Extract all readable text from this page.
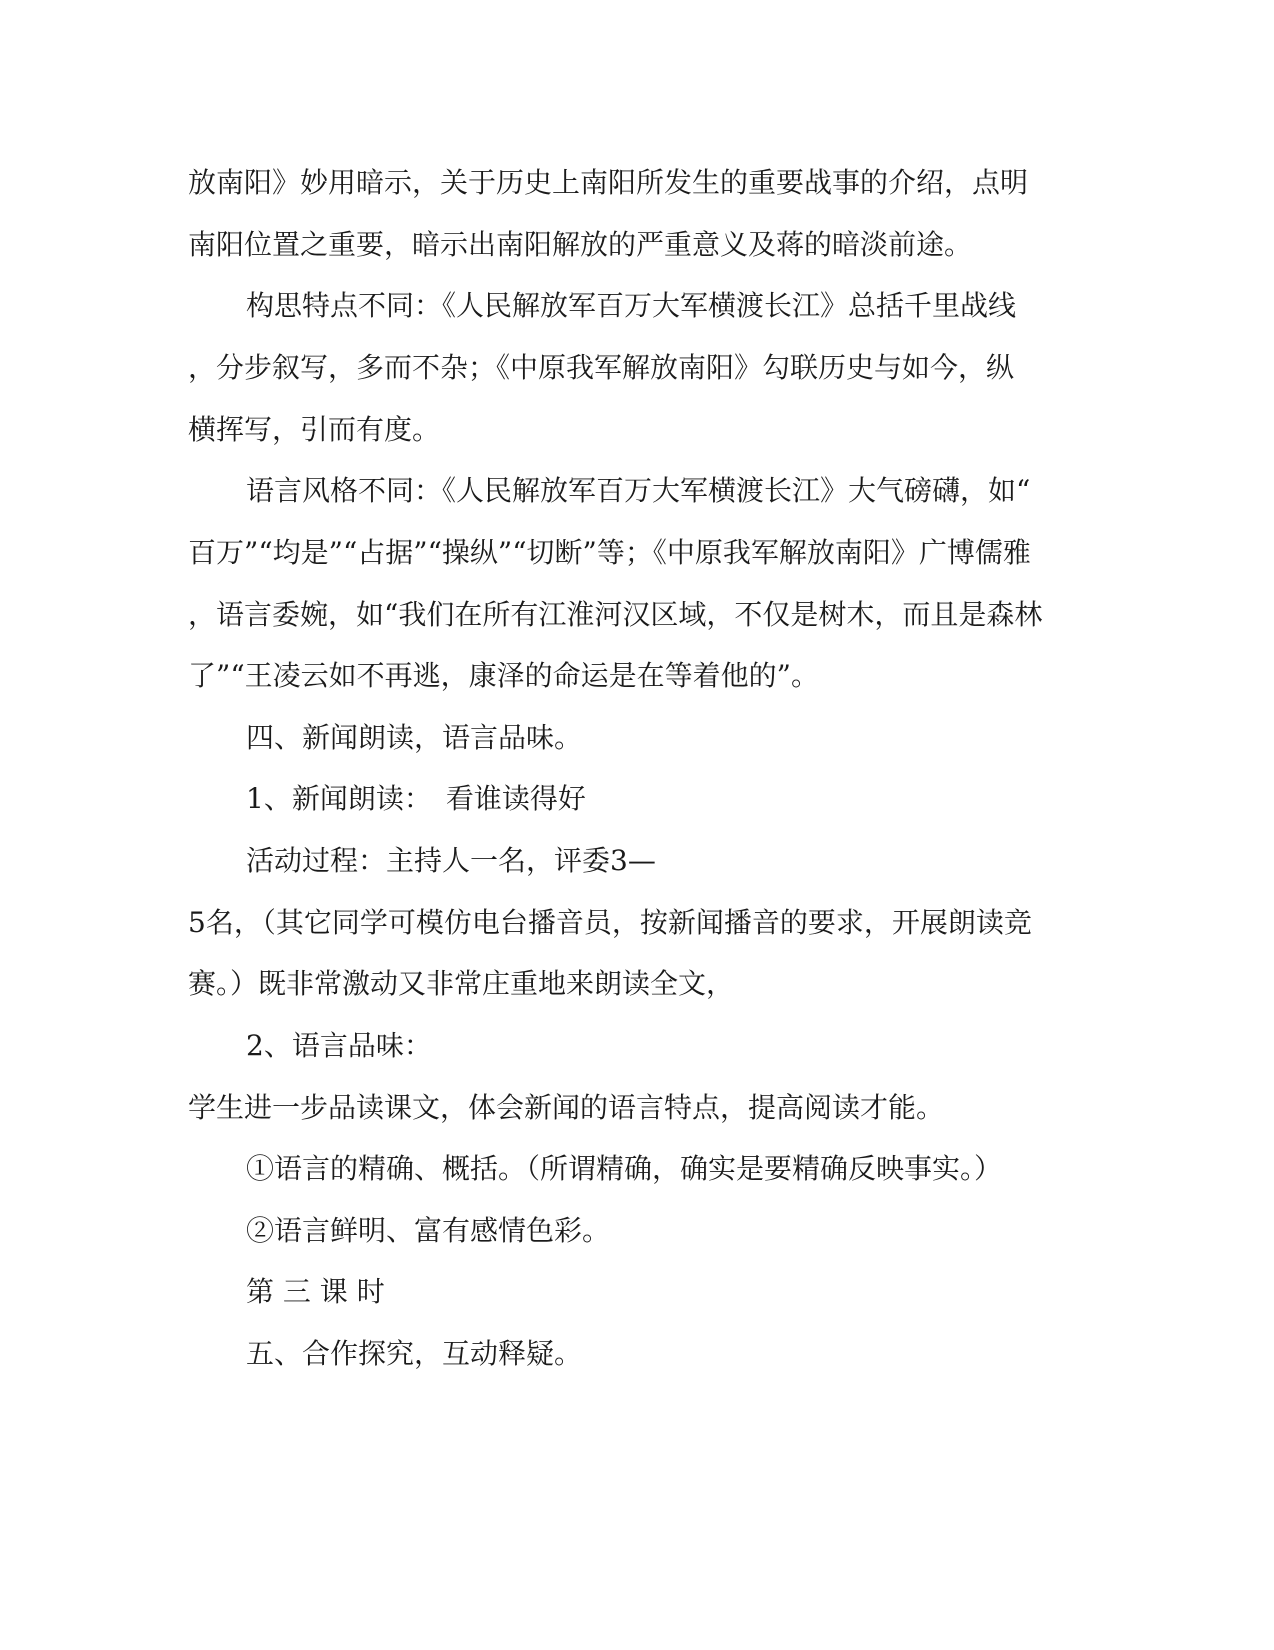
放南阳》妙用暗示，关于历史上南阳所发生的重要战事的介绍，点明
南阳位置之重要，暗示出南阳解放的严重意义及蒋的暗淡前途。
构思特点不同：《人民解放军百万大军横渡长江》总括千里战线
，分步叙写，多而不杂；《中原我军解放南阳》勾联历史与如今，纵
横挥写，引而有度。
语言风格不同：《人民解放军百万大军横渡长江》大气磅礴，如“
百万”“均是”“占据”“操纵”“切断”等；《中原我军解放南阳》广博儒雅
，语言委婉，如“我们在所有江淮河汉区域，不仅是树木，而且是森林
了”“王凌云如不再逃，康泽的命运是在等着他的”。
四、新闻朗读，语言品味。
1、新闻朗读：　看谁读得好
活动过程：主持人一名，评委3—
5名，（其它同学可模仿电台播音员，按新闻播音的要求，开展朗读竞
赛。）既非常激动又非常庄重地来朗读全文，
2、语言品味：
学生进一步品读课文，体会新闻的语言特点，提高阅读才能。
①语言的精确、概括。（所谓精确，确实是要精确反映事实。）
②语言鲜明、富有感情色彩。
第 三 课 时
五、合作探究，互动释疑。
